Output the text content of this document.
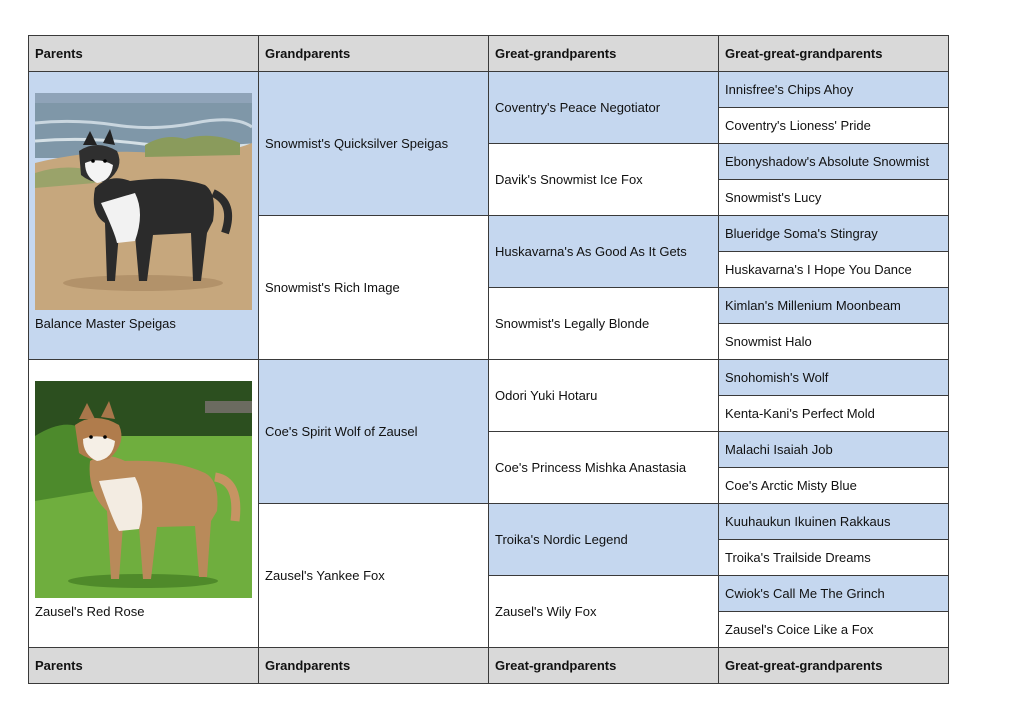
Parents	Grandparents	Great-grandparents	Great-great-grandparents

Balance Master Speigas	Snowmist's Quicksilver Speigas	Coventry's Peace Negotiator	Innisfree's Chips Ahoy
			Coventry's Lioness' Pride
		Davik's Snowmist Ice Fox	Ebonyshadow's Absolute Snowmist
			Snowmist's Lucy
	Snowmist's Rich Image	Huskavarna's As Good As It Gets	Blueridge Soma's Stingray
			Huskavarna's I Hope You Dance
		Snowmist's Legally Blonde	Kimlan's Millenium Moonbeam
			Snowmist Halo

Zausel's Red Rose	Coe's Spirit Wolf of Zausel	Odori Yuki Hotaru	Snohomish's Wolf
			Kenta-Kani's Perfect Mold
		Coe's Princess Mishka Anastasia	Malachi Isaiah Job
			Coe's Arctic Misty Blue
	Zausel's Yankee Fox	Troika's Nordic Legend	Kuuhaukun Ikuinen Rakkaus
			Troika's Trailside Dreams
		Zausel's Wily Fox	Cwiok's Call Me The Grinch
			Zausel's Coice Like a Fox
Parents	Grandparents	Great-grandparents	Great-great-grandparents
